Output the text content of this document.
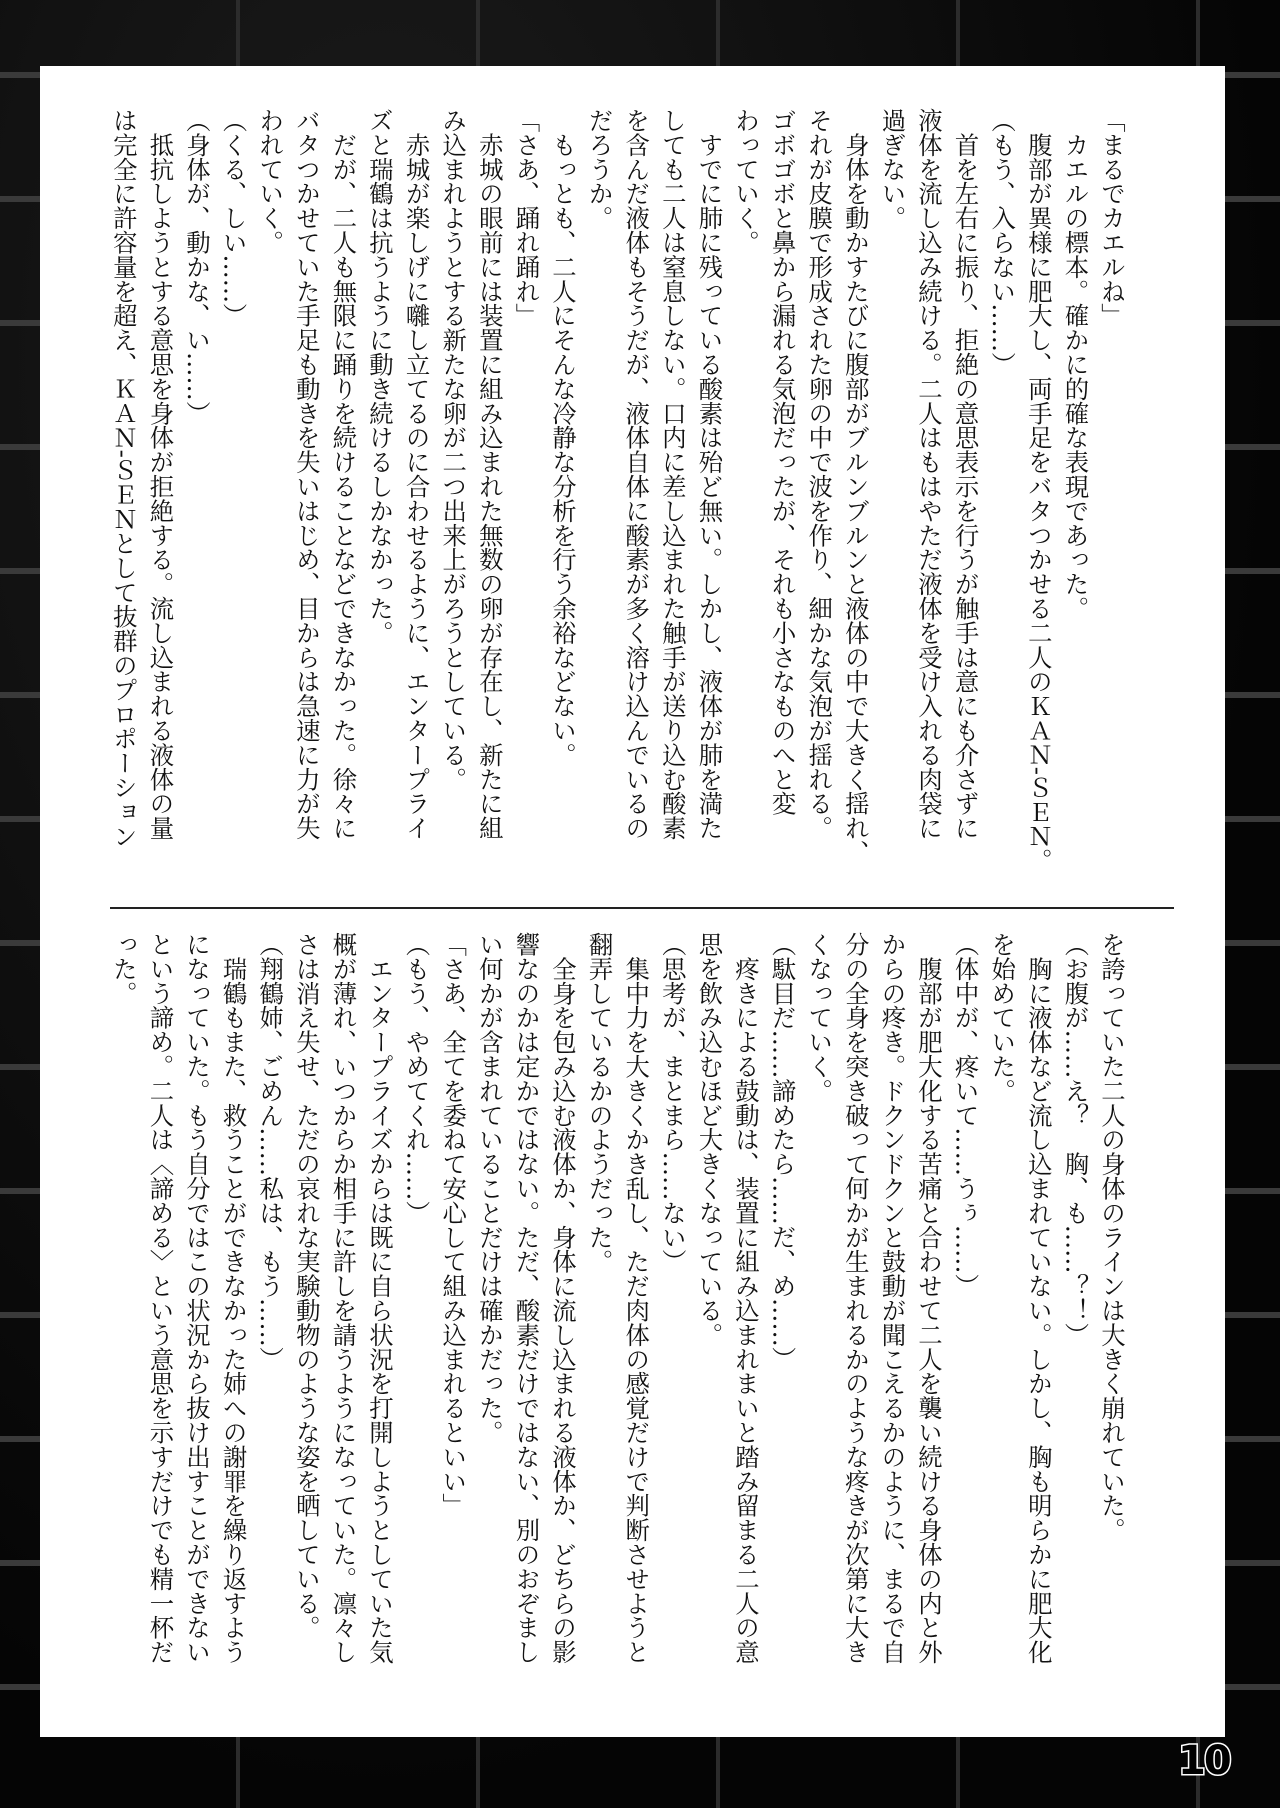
「まるでカエルね」
　カエルの標本。確かに的確な表現であった。
　腹部が異様に肥大し、両手足をバタつかせる二人のＫＡＮ-ＳＥＮ。
（もう、入らない……）
　首を左右に振り、拒絶の意思表示を行うが触手は意にも介さずに
液体を流し込み続ける。二人はもはやただ液体を受け入れる肉袋に
過ぎない。
　身体を動かすたびに腹部がブルンブルンと液体の中で大きく揺れ、
それが皮膜で形成された卵の中で波を作り、細かな気泡が揺れる。
ゴボゴボと鼻から漏れる気泡だったが、それも小さなものへと変
わっていく。
　すでに肺に残っている酸素は殆ど無い。しかし、液体が肺を満た
しても二人は窒息しない。口内に差し込まれた触手が送り込む酸素
を含んだ液体もそうだが、液体自体に酸素が多く溶け込んでいるの
だろうか。
　もっとも、二人にそんな冷静な分析を行う余裕などない。
「さあ、踊れ踊れ」
　赤城の眼前には装置に組み込まれた無数の卵が存在し、新たに組
み込まれようとする新たな卵が二つ出来上がろうとしている。
　赤城が楽しげに囃し立てるのに合わせるように、エンタープライ
ズと瑞鶴は抗うように動き続けるしかなかった。
　だが、二人も無限に踊りを続けることなどできなかった。徐々に
バタつかせていた手足も動きを失いはじめ、目からは急速に力が失
われていく。
（くる、しい……）
（身体が、動かな、い……）
　抵抗しようとする意思を身体が拒絶する。流し込まれる液体の量
は完全に許容量を超え、ＫＡＮ-ＳＥＮとして抜群のプロポーション
を誇っていた二人の身体のラインは大きく崩れていた。
（お腹が……え？　胸、も……？！）
　胸に液体など流し込まれていない。しかし、胸も明らかに肥大化
を始めていた。
（体中が、疼いて……うぅ……）
　腹部が肥大化する苦痛と合わせて二人を襲い続ける身体の内と外
からの疼き。ドクンドクンと鼓動が聞こえるかのように、まるで自
分の全身を突き破って何かが生まれるかのような疼きが次第に大き
くなっていく。
（駄目だ……諦めたら……だ、め……）
　疼きによる鼓動は、装置に組み込まれまいと踏み留まる二人の意
思を飲み込むほど大きくなっている。
（思考が、まとまら……ない）
　集中力を大きくかき乱し、ただ肉体の感覚だけで判断させようと
翻弄しているかのようだった。
　全身を包み込む液体か、身体に流し込まれる液体か、どちらの影
響なのかは定かではない。ただ、酸素だけではない、別のおぞまし
い何かが含まれていることだけは確かだった。
「さあ、全てを委ねて安心して組み込まれるといい」
（もう、やめてくれ……）
　エンタープライズからは既に自ら状況を打開しようとしていた気
概が薄れ、いつからか相手に許しを請うようになっていた。凛々し
さは消え失せ、ただの哀れな実験動物のような姿を晒している。
（翔鶴姉、ごめん……私は、もう……）
　瑞鶴もまた、救うことができなかった姉への謝罪を繰り返すよう
になっていた。もう自分ではこの状況から抜け出すことができない
という諦め。二人は〈諦める〉という意思を示すだけでも精一杯だ
った。
10
